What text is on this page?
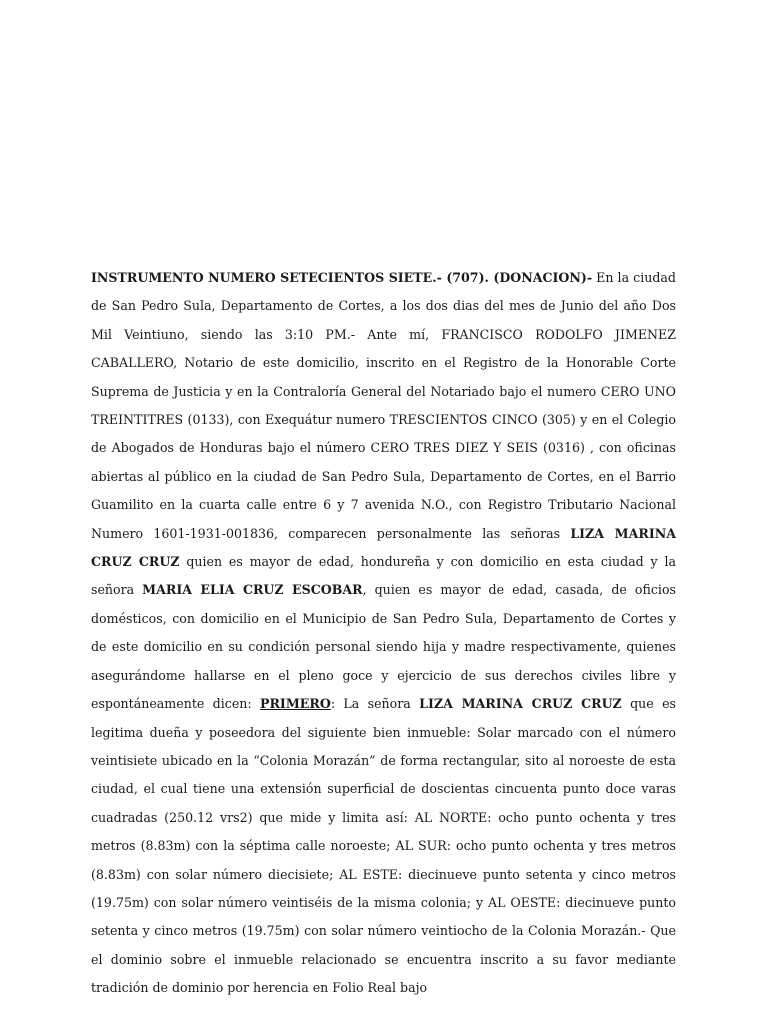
INSTRUMENTO NUMERO SETECIENTOS SIETE.- (707). (DONACION)- En la ciudad de San Pedro Sula, Departamento de Cortes, a los dos dias del mes de Junio del año Dos Mil Veintiuno, siendo las 3:10 PM.- Ante mí, FRANCISCO RODOLFO JIMENEZ CABALLERO, Notario de este domicilio, inscrito en el Registro de la Honorable Corte Suprema de Justicia y en la Contraloría General del Notariado bajo el numero CERO UNO TREINTITRES (0133), con Exequátur numero TRESCIENTOS CINCO (305) y en el Colegio de Abogados de Honduras bajo el número CERO TRES DIEZ Y SEIS (0316) , con oficinas abiertas al público en la ciudad de San Pedro Sula, Departamento de Cortes, en el Barrio Guamilito en la cuarta calle entre 6 y 7 avenida N.O., con Registro Tributario Nacional Numero 1601-1931-001836, comparecen personalmente las señoras LIZA MARINA CRUZ CRUZ quien es mayor de edad, hondureña y con domicilio en esta ciudad y la señora MARIA ELIA CRUZ ESCOBAR, quien es mayor de edad, casada, de oficios domésticos, con domicilio en el Municipio de San Pedro Sula, Departamento de Cortes y de este domicilio en su condición personal siendo hija y madre respectivamente, quienes asegurándome hallarse en el pleno goce y ejercicio de sus derechos civiles libre y espontáneamente dicen: PRIMERO: La señora LIZA MARINA CRUZ CRUZ que es legitima dueña y poseedora del siguiente bien inmueble: Solar marcado con el número veintisiete ubicado en la “Colonia Morazán” de forma rectangular, sito al noroeste de esta ciudad, el cual tiene una extensión superficial de doscientas cincuenta punto doce varas cuadradas (250.12 vrs2) que mide y limita así: AL NORTE: ocho punto ochenta y tres metros (8.83m) con la séptima calle noroeste; AL SUR: ocho punto ochenta y tres metros (8.83m) con solar número diecisiete; AL ESTE: diecinueve punto setenta y cinco metros (19.75m) con solar número veintiséis de la misma colonia; y AL OESTE: diecinueve punto setenta y cinco metros (19.75m) con solar número veintiocho de la Colonia Morazán.- Que el dominio sobre el inmueble relacionado se encuentra inscrito a su favor mediante tradición de dominio por herencia en Folio Real bajo
